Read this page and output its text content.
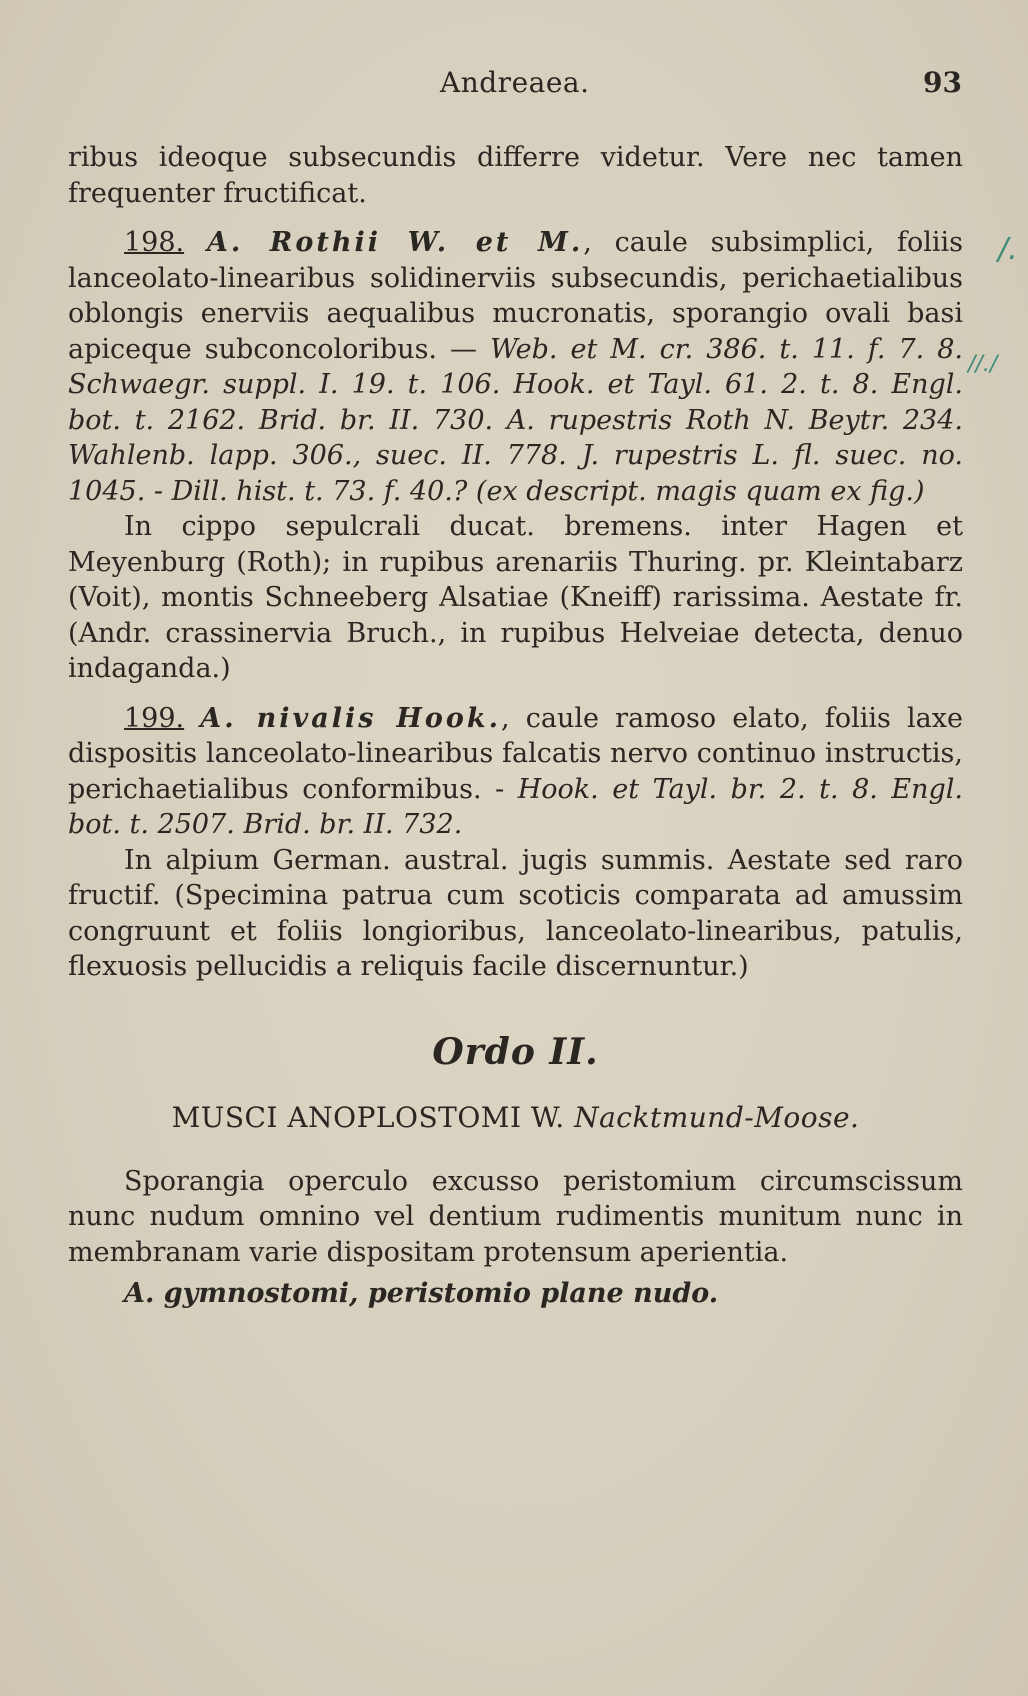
Andreaea.	93
/.
//./

ribus ideoque subsecundis differre videtur. Vere nec tamen frequenter fructificat.

198. A. Rothii W. et M., caule subsimplici, foliis lanceolato-linearibus solidinerviis subsecundis, perichaetialibus oblongis enerviis aequalibus mucronatis, sporangio ovali basi apiceque subconcoloribus. — Web. et M. cr. 386. t. 11. f. 7. 8. Schwaegr. suppl. I. 19. t. 106. Hook. et Tayl. 61. 2. t. 8. Engl. bot. t. 2162. Brid. br. II. 730. A. rupestris Roth N. Beytr. 234. Wahlenb. lapp. 306., suec. II. 778. J. rupestris L. fl. suec. no. 1045. - Dill. hist. t. 73. f. 40.? (ex descript. magis quam ex fig.)

In cippo sepulcrali ducat. bremens. inter Hagen et Meyenburg (Roth); in rupibus arenariis Thuring. pr. Kleintabarz (Voit), montis Schneeberg Alsatiae (Kneiff) rarissima. Aestate fr. (Andr. crassinervia Bruch., in rupibus Helveiae detecta, denuo indaganda.)

199. A. nivalis Hook., caule ramoso elato, foliis laxe dispositis lanceolato-linearibus falcatis nervo continuo instructis, perichaetialibus conformibus. - Hook. et Tayl. br. 2. t. 8. Engl. bot. t. 2507. Brid. br. II. 732.

In alpium German. austral. jugis summis. Aestate sed raro fructif. (Specimina patrua cum scoticis comparata ad amussim congruunt et foliis longioribus, lanceolato-linearibus, patulis, flexuosis pellucidis a reliquis facile discernuntur.)

Ordo II.
MUSCI ANOPLOSTOMI W. Nacktmund-Moose.

Sporangia operculo excusso peristomium circumscissum nunc nudum omnino vel dentium rudimentis munitum nunc in membranam varie dispositam protensum aperientia.

A. gymnostomi, peristomio plane nudo.
